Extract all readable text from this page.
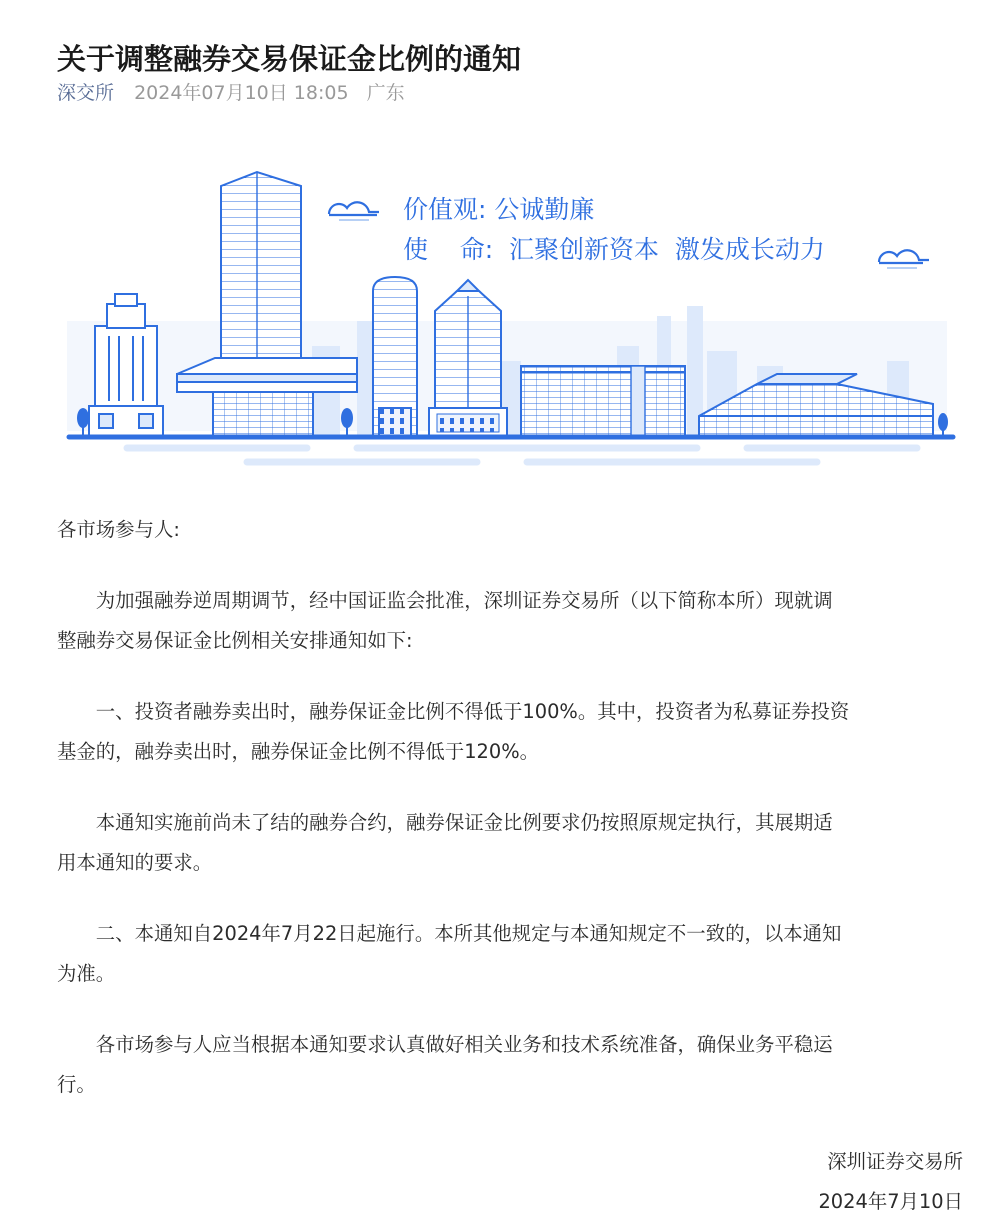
关于调整融券交易保证金比例的通知
深交所 2024年07月10日 18:05 广东
价值观: 公诚勤廉
使    命: 汇聚创新资本  激发成长动力

各市场参与人:

为加强融券逆周期调节，经中国证监会批准，深圳证券交易所（以下简称本所）现就调

整融券交易保证金比例相关安排通知如下:

一、投资者融券卖出时，融券保证金比例不得低于100%。其中，投资者为私募证券投资

基金的，融券卖出时，融券保证金比例不得低于120%。

本通知实施前尚未了结的融券合约，融券保证金比例要求仍按照原规定执行，其展期适

用本通知的要求。

二、本通知自2024年7月22日起施行。本所其他规定与本通知规定不一致的，以本通知

为准。

各市场参与人应当根据本通知要求认真做好相关业务和技术系统准备，确保业务平稳运

行。

深圳证券交易所
2024年7月10日
